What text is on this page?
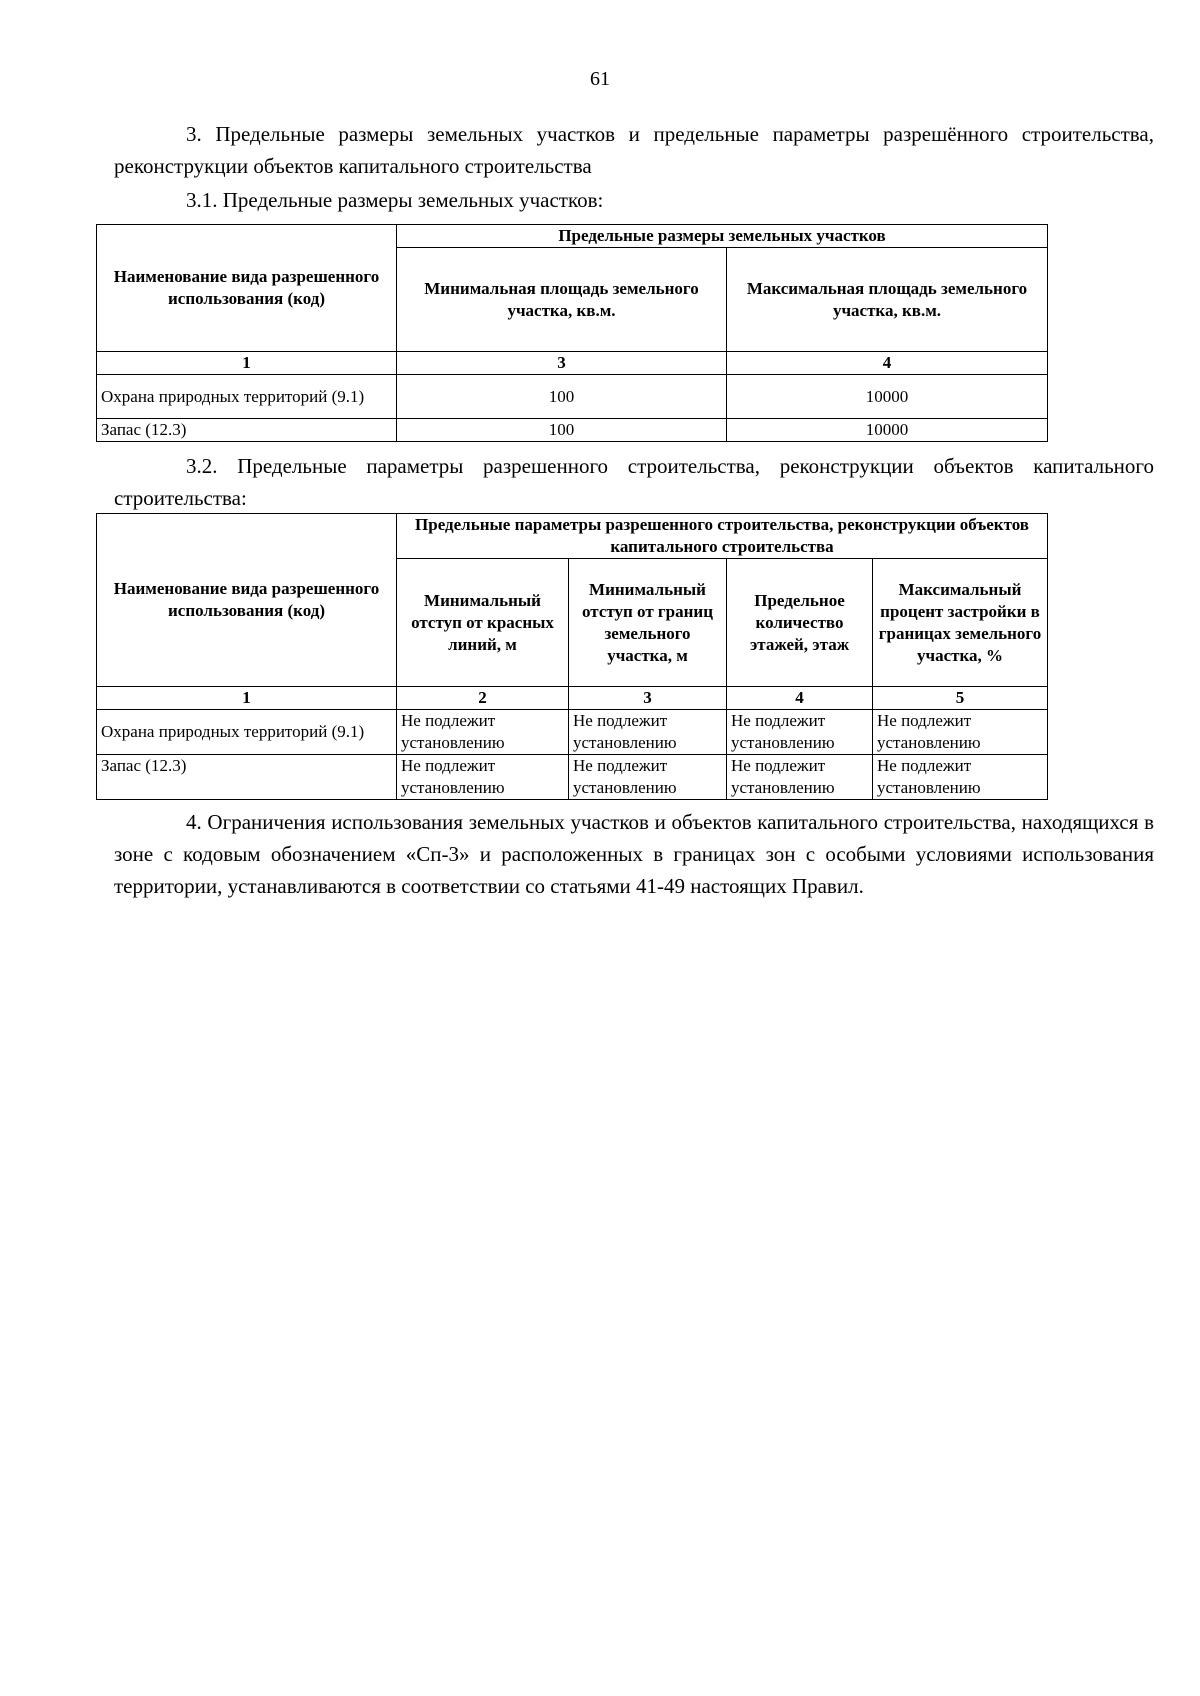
61

3. Предельные размеры земельных участков и предельные параметры разрешённого строительства, реконструкции объектов капитального строительства

3.1. Предельные размеры земельных участков:

Наименование вида разрешенного использования (код)	Предельные размеры земельных участков	
	Минимальная площадь земельного участка, кв.м.	Максимальная площадь земельного участка, кв.м.
1	3	4
Охрана природных территорий (9.1)	100	10000
Запас (12.3)	100	10000

3.2. Предельные параметры разрешенного строительства, реконструкции объектов капитального строительства:

Наименование вида разрешенного использования (код)	Предельные параметры разрешенного строительства, реконструкции объектов капитального строительства			
	Минимальный отступ от красных линий, м	Минимальный отступ от границ земельного участка, м	Предельное количество этажей, этаж	Максимальный процент застройки в границах земельного участка, %
1	2	3	4	5
Охрана природных территорий (9.1)	Не подлежит установлению	Не подлежит установлению	Не подлежит установлению	Не подлежит установлению
Запас (12.3)	Не подлежит установлению	Не подлежит установлению	Не подлежит установлению	Не подлежит установлению

4. Ограничения использования земельных участков и объектов капитального строительства, находящихся в зоне с кодовым обозначением «Сп-3» и расположенных в границах зон с особыми условиями использования территории, устанавливаются в соответствии со статьями 41-49 настоящих Правил.
